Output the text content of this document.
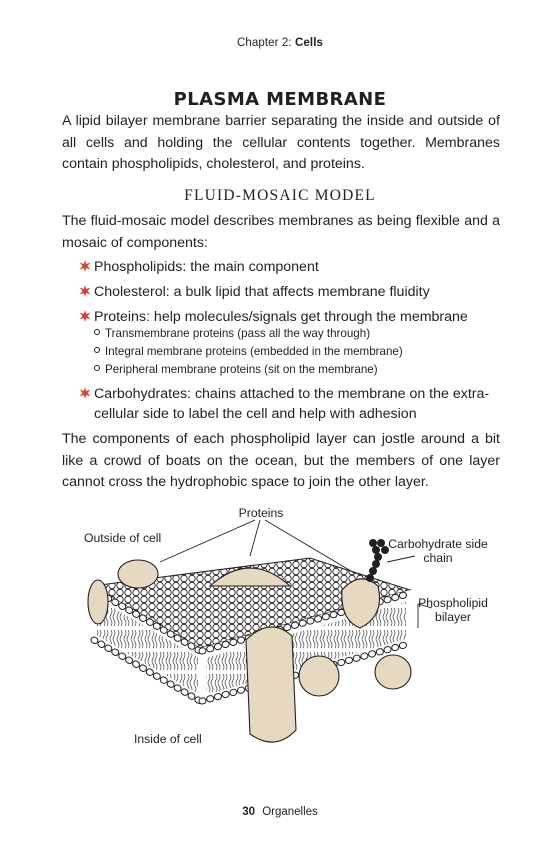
Chapter 2: Cells
PLASMA MEMBRANE
A lipid bilayer membrane barrier separating the inside and outside of all cells and holding the cellular contents together. Membranes contain phospholipids, cholesterol, and proteins.
FLUID-MOSAIC MODEL
The fluid-mosaic model describes membranes as being flexible and a mosaic of components:
Phospholipids: the main component
Cholesterol: a bulk lipid that affects membrane fluidity
Proteins: help molecules/signals get through the membrane
Transmembrane proteins (pass all the way through)
Integral membrane proteins (embedded in the membrane)
Peripheral membrane proteins (sit on the membrane)
Carbohydrates: chains attached to the membrane on the extra-
cellular side to label the cell and help with adhesion
The components of each phospholipid layer can jostle around a bit like a crowd of boats on the ocean, but the members of one layer cannot cross the hydrophobic space to join the other layer.
Proteins
Outside of cell	Carbohydrate side
chain
Phospholipid
bilayer
Inside of cell
30 Organelles
